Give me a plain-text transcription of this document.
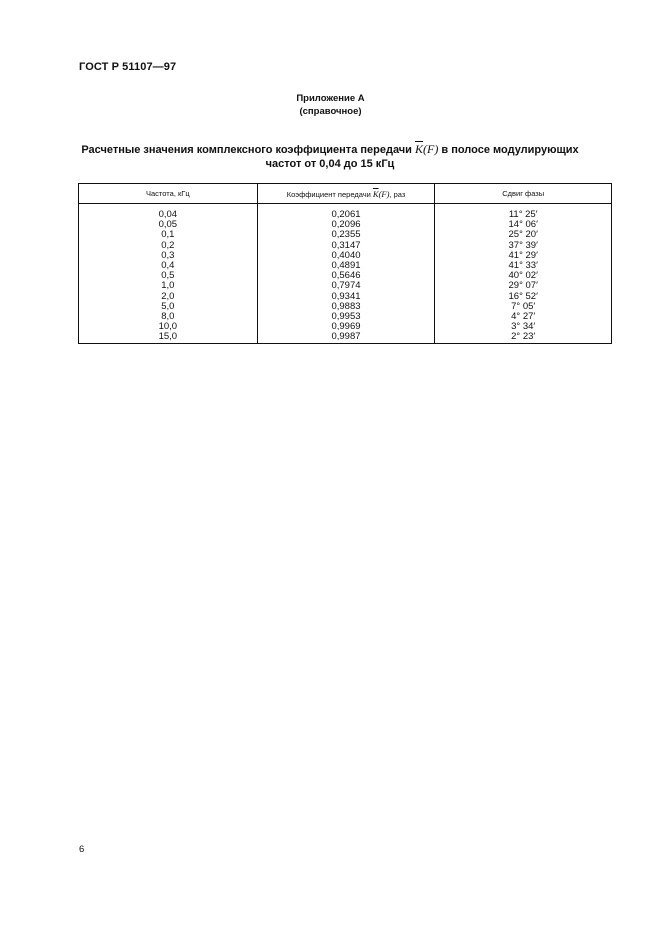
ГОСТ Р 51107—97
Приложение А
(справочное)
Расчетные значения комплексного коэффициента передачи $\overline{K}(F)$ в полосе модулирующих
частот от 0,04 до 15 кГц
Частота, кГц	Коэффициент передачи $\overline{K}(F)$, раз	Сдвиг фазы

0,04	0,2061	11° 25′
0,05	0,2096	14° 06′
0,1	0,2355	25° 20′
0,2	0,3147	37° 39′
0,3	0,4040	41° 29′
0,4	0,4891	41° 33′
0,5	0,5646	40° 02′
1,0	0,7974	29° 07′
2,0	0,9341	16° 52′
5,0	0,9883	7° 05′
8,0	0,9953	4° 27′
10,0	0,9969	3° 34′
15,0	0,9987	2° 23′
6
